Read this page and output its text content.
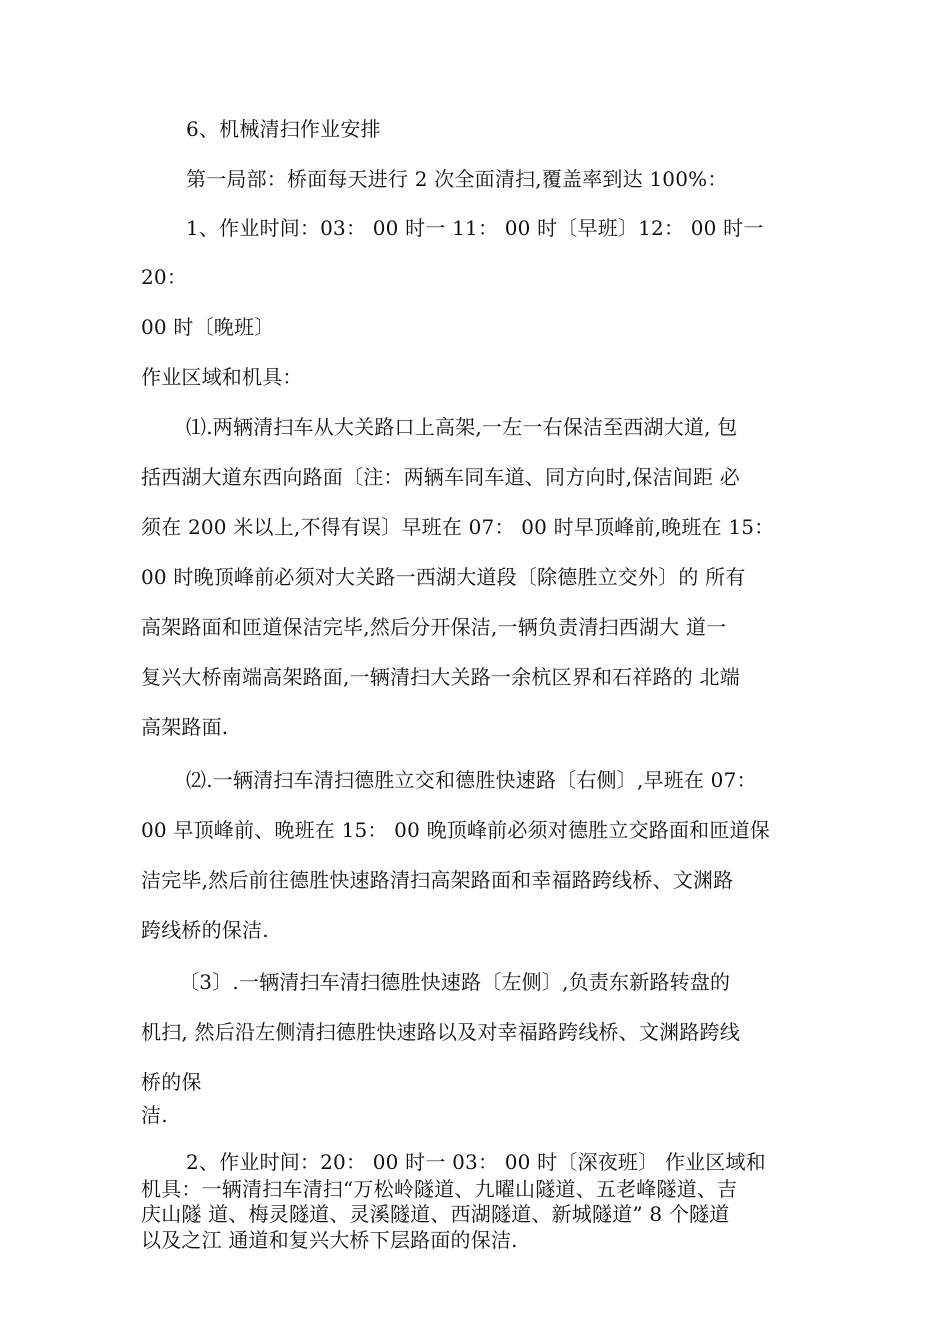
6、机械清扫作业安排
第一局部：桥面每天进行 2 次全面清扫,覆盖率到达 100%：
1、作业时间：03： 00 时一 11： 00 时〔早班〕12： 00 时一
20：
00 时〔晚班〕
作业区域和机具：
⑴.两辆清扫车从大关路口上高架,一左一右保洁至西湖大道, 包
括西湖大道东西向路面〔注：两辆车同车道、同方向时,保洁间距 必
须在 200 米以上,不得有误〕早班在 07： 00 时早顶峰前,晚班在 15：
00 时晚顶峰前必须对大关路一西湖大道段〔除德胜立交外〕的 所有
高架路面和匝道保洁完毕,然后分开保洁,一辆负责清扫西湖大 道一
复兴大桥南端高架路面,一辆清扫大关路一余杭区界和石祥路的 北端
高架路面.
⑵.一辆清扫车清扫德胜立交和德胜快速路〔右侧〕,早班在 07：
00 早顶峰前、晚班在 15： 00 晚顶峰前必须对德胜立交路面和匝道保
洁完毕,然后前往德胜快速路清扫高架路面和幸福路跨线桥、文渊路
跨线桥的保洁.
〔3〕.一辆清扫车清扫德胜快速路〔左侧〕,负责东新路转盘的
机扫, 然后沿左侧清扫德胜快速路以及对幸福路跨线桥、文渊路跨线
桥的保
洁.
2、作业时间：20： 00 时一 03： 00 时〔深夜班〕 作业区域和
机具：一辆清扫车清扫“万松岭隧道、九曜山隧道、五老峰隧道、吉
庆山隧 道、梅灵隧道、灵溪隧道、西湖隧道、新城隧道” 8 个隧道
以及之江 通道和复兴大桥下层路面的保洁.
